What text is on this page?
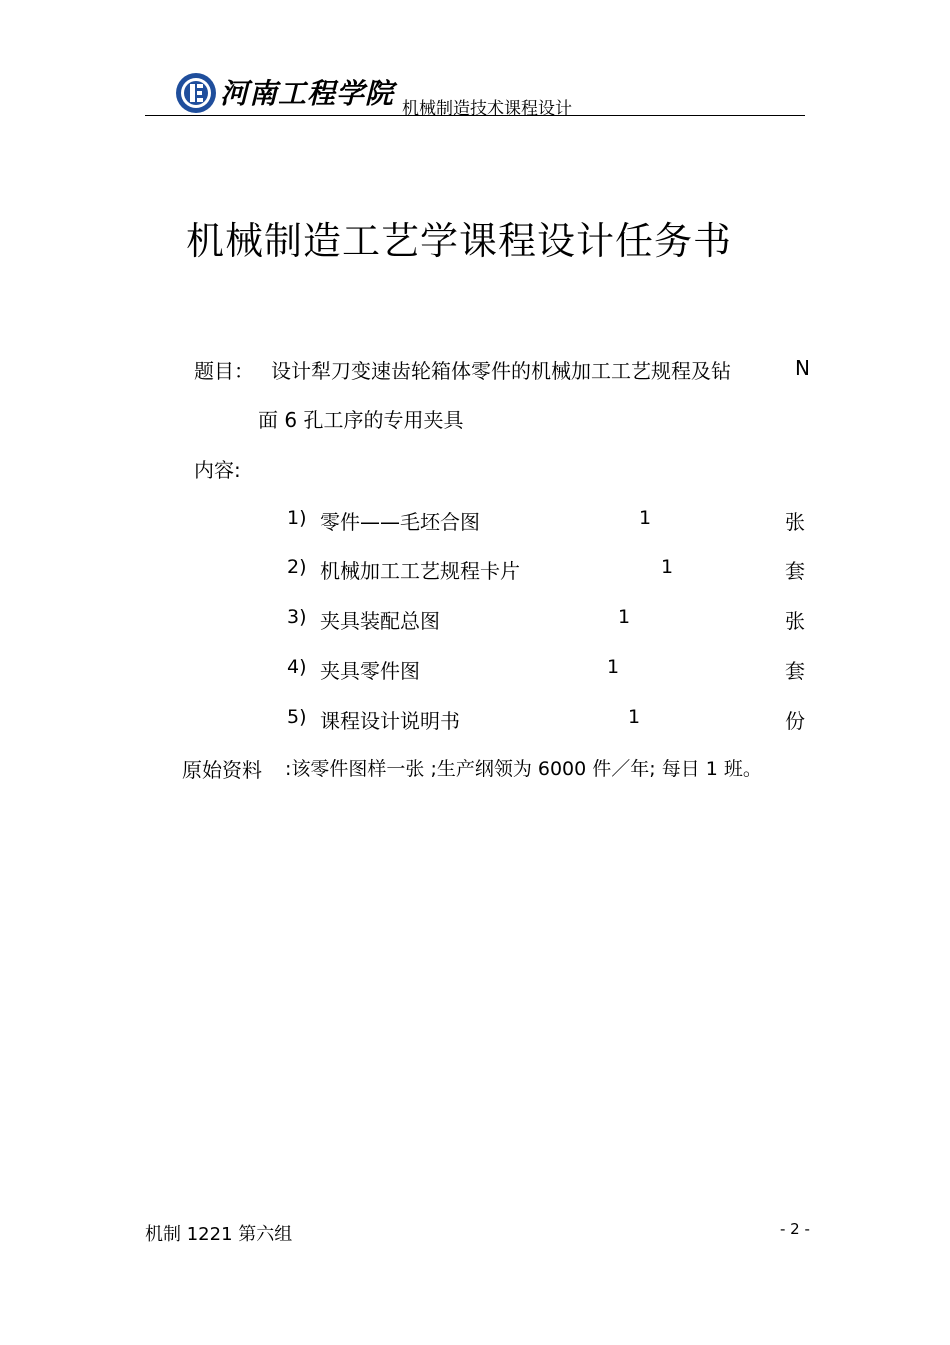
河南工程学院 机械制造技术课程设计
机械制造工艺学课程设计任务书
题目： 设计犁刀变速齿轮箱体零件的机械加工工艺规程及钻	N
面 6 孔工序的专用夹具
内容:
1) 零件——毛坯合图	1	张
2) 机械加工工艺规程卡片	1	套
3) 夹具装配总图	1	张
4) 夹具零件图	1	套
5) 课程设计说明书	1	份
原始资料 :该零件图样一张 ;生产纲领为 6000 件／年; 每日 1 班。
机制 1221 第六组	- 2 -
